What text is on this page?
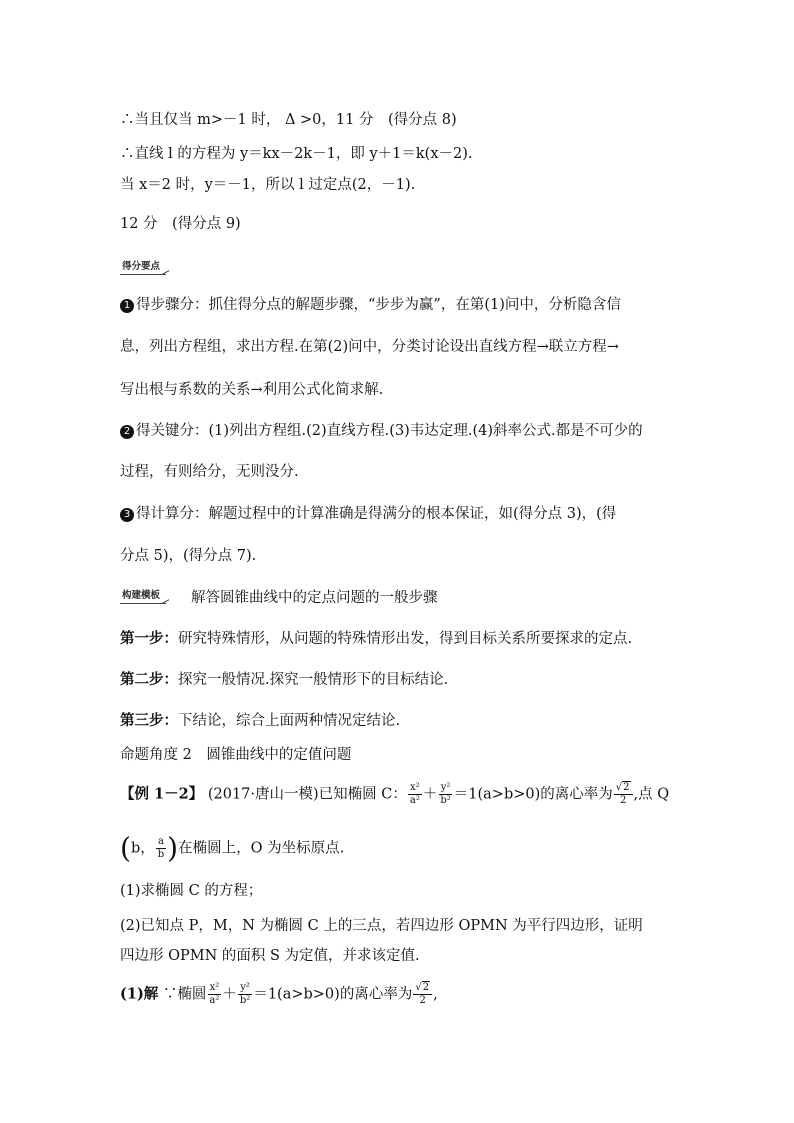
∴当且仅当 m>－1 时， Δ >0，11 分　(得分点 8)
∴直线 l 的方程为 y＝kx－2k－1，即 y＋1＝k(x－2).
当 x＝2 时，y＝－1，所以 l 过定点(2，－1).
12 分　(得分点 9)
得分要点
1 得步骤分：抓住得分点的解题步骤，“步步为赢”，在第(1)问中，分析隐含信
息，列出方程组，求出方程.在第(2)问中，分类讨论设出直线方程→联立方程→
写出根与系数的关系→利用公式化简求解.
2 得关键分：(1)列出方程组.(2)直线方程.(3)韦达定理.(4)斜率公式.都是不可少的
过程，有则给分，无则没分.
3 得计算分：解题过程中的计算准确是得满分的根本保证，如(得分点 3)，(得
分点 5)，(得分点 7).
构建模板 解答圆锥曲线中的定点问题的一般步骤
第一步：研究特殊情形，从问题的特殊情形出发，得到目标关系所要探求的定点.
第二步：探究一般情况.探究一般情形下的目标结论.
第三步：下结论，综合上面两种情况定结论.
命题角度 2　圆锥曲线中的定值问题
【例 1－2】 (2017·唐山一模)已知椭圆 C： $\frac{\text{x²}}{\text{a²}} + \frac{\text{y²}}{\text{b²}} =1(a>b>0)$的离心率为 $\frac{√2}{2}$ ,点 Q
(b， $\frac{a}{b}$ )在椭圆上，O 为坐标原点.
(1)求椭圆 C 的方程；
(2)已知点 P，M，N 为椭圆 C 上的三点，若四边形 OPMN 为平行四边形，证明
四边形 OPMN 的面积 S 为定值，并求该定值.
(1)解 ∵椭圆 $\frac{\text{x²}}{\text{a²}} + \frac{\text{y²}}{\text{b²}} =1(a>b>0)$的离心率为 $\frac{√2}{2}$ ,
